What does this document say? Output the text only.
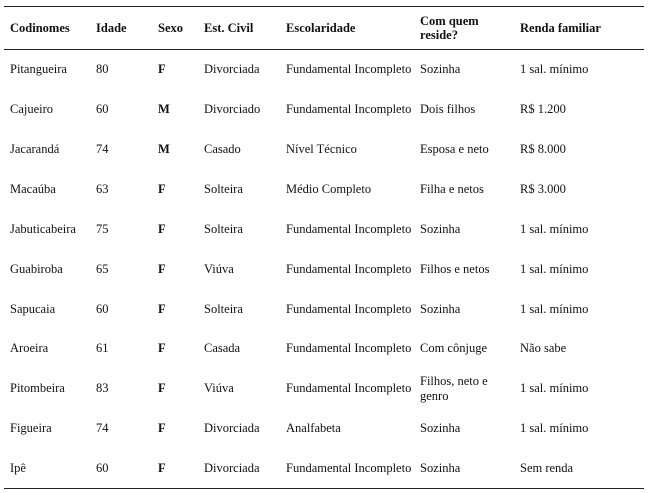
Codinomes	Idade	Sexo	Est. Civil	Escolaridade	Com quem reside?	Renda familiar
Pitangueira	80	F	Divorciada	Fundamental Incompleto	Sozinha	1 sal. mínimo
Cajueiro	60	M	Divorciado	Fundamental Incompleto	Dois filhos	R$ 1.200
Jacarandá	74	M	Casado	Nível Técnico	Esposa e neto	R$ 8.000
Macaúba	63	F	Solteira	Médio Completo	Filha e netos	R$ 3.000
Jabuticabeira	75	F	Solteira	Fundamental Incompleto	Sozinha	1 sal. mínimo
Guabiroba	65	F	Viúva	Fundamental Incompleto	Filhos e netos	1 sal. mínimo
Sapucaia	60	F	Solteira	Fundamental Incompleto	Sozinha	1 sal. mínimo
Aroeira	61	F	Casada	Fundamental Incompleto	Com cônjuge	Não sabe
Pitombeira	83	F	Viúva	Fundamental Incompleto	Filhos, neto e genro	1 sal. mínimo
Figueira	74	F	Divorciada	Analfabeta	Sozinha	1 sal. mínimo
Ipê	60	F	Divorciada	Fundamental Incompleto	Sozinha	Sem renda
